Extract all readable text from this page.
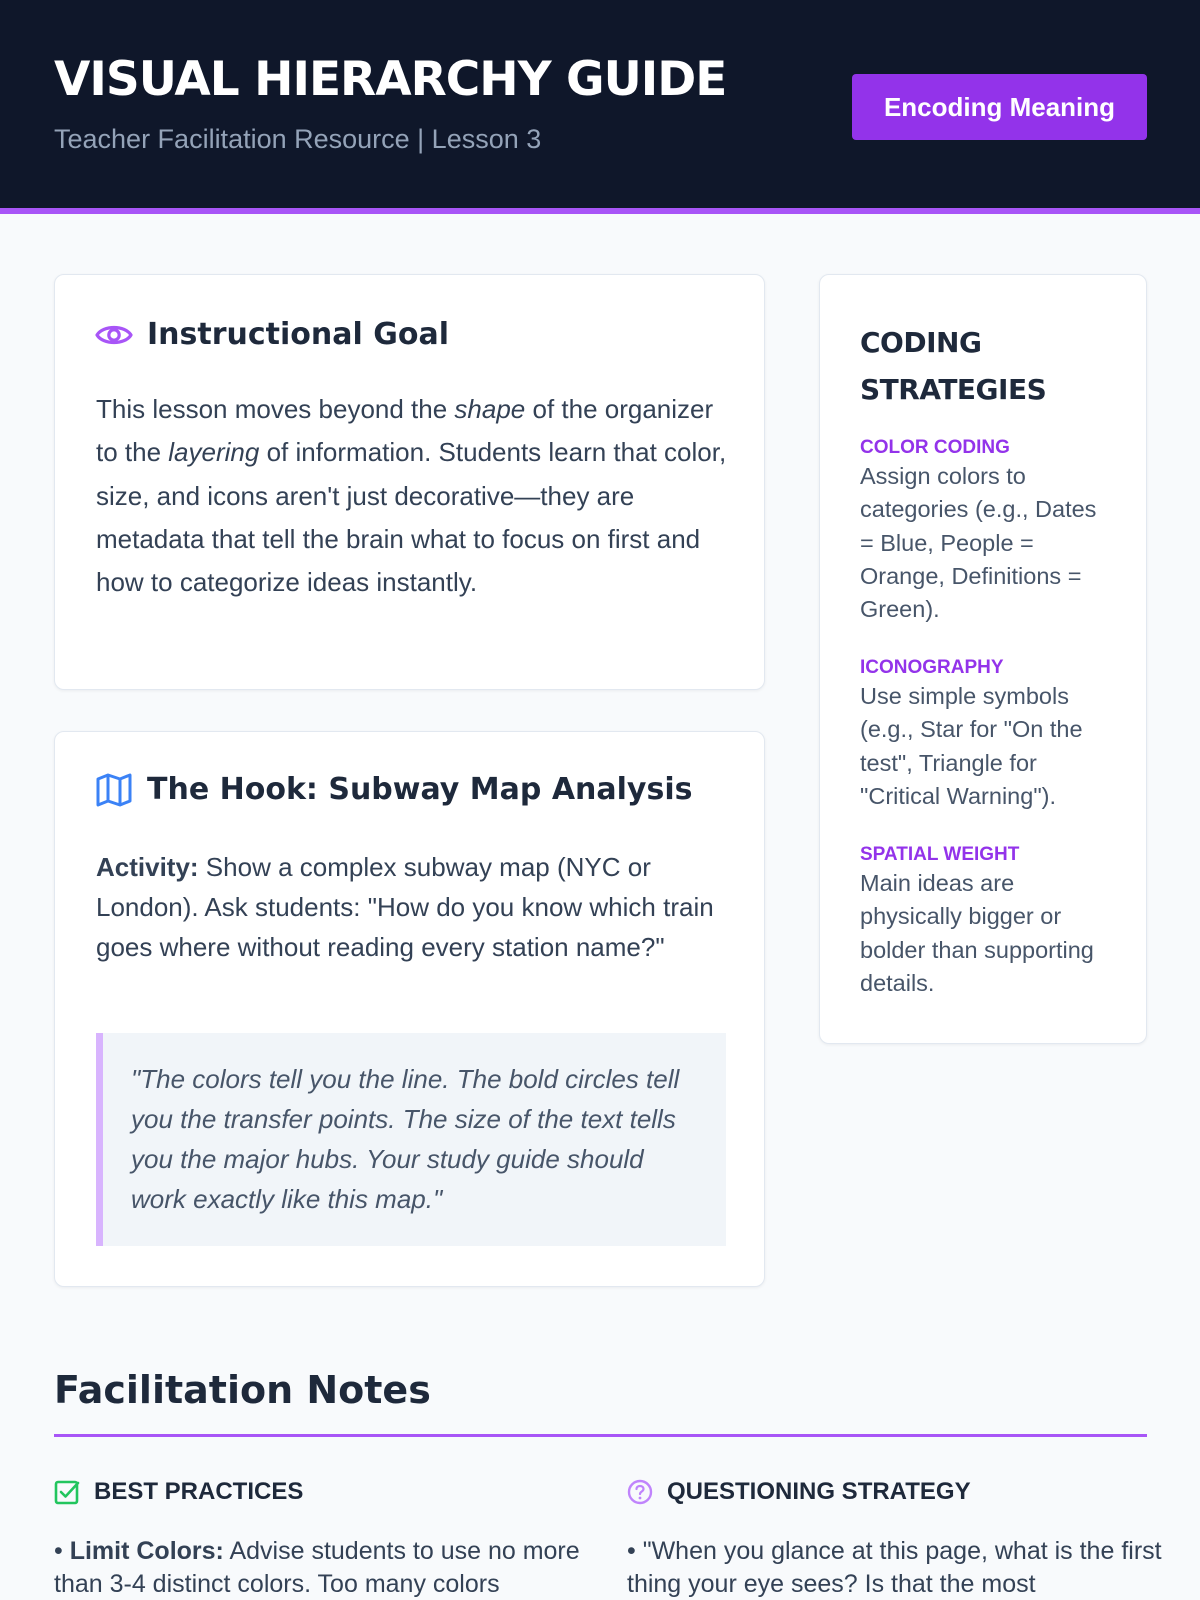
VISUAL HIERARCHY GUIDE
Teacher Facilitation Resource | Lesson 3
Encoding Meaning
Instructional Goal

This lesson moves beyond the shape of the organizer to the layering of information. Students learn that color, size, and icons aren't just decorative—they are metadata that tell the brain what to focus on first and how to categorize ideas instantly.

The Hook: Subway Map Analysis

Activity: Show a complex subway map (NYC or London). Ask students: "How do you know which train goes where without reading every station name?"

"The colors tell you the line. The bold circles tell you the transfer points. The size of the text tells you the major hubs. Your study guide should work exactly like this map."
CODING
STRATEGIES
COLOR CODING
Assign colors to categories (e.g., Dates = Blue, People = Orange, Definitions = Green).
ICONOGRAPHY
Use simple symbols (e.g., Star for "On the test", Triangle for "Critical Warning").
SPATIAL WEIGHT
Main ideas are physically bigger or bolder than supporting details.
Facilitation Notes
BEST PRACTICES

• Limit Colors: Advise students to use no more than 3-4 distinct colors. Too many colors

QUESTIONING STRATEGY

• "When you glance at this page, what is the first thing your eye sees? Is that the most
